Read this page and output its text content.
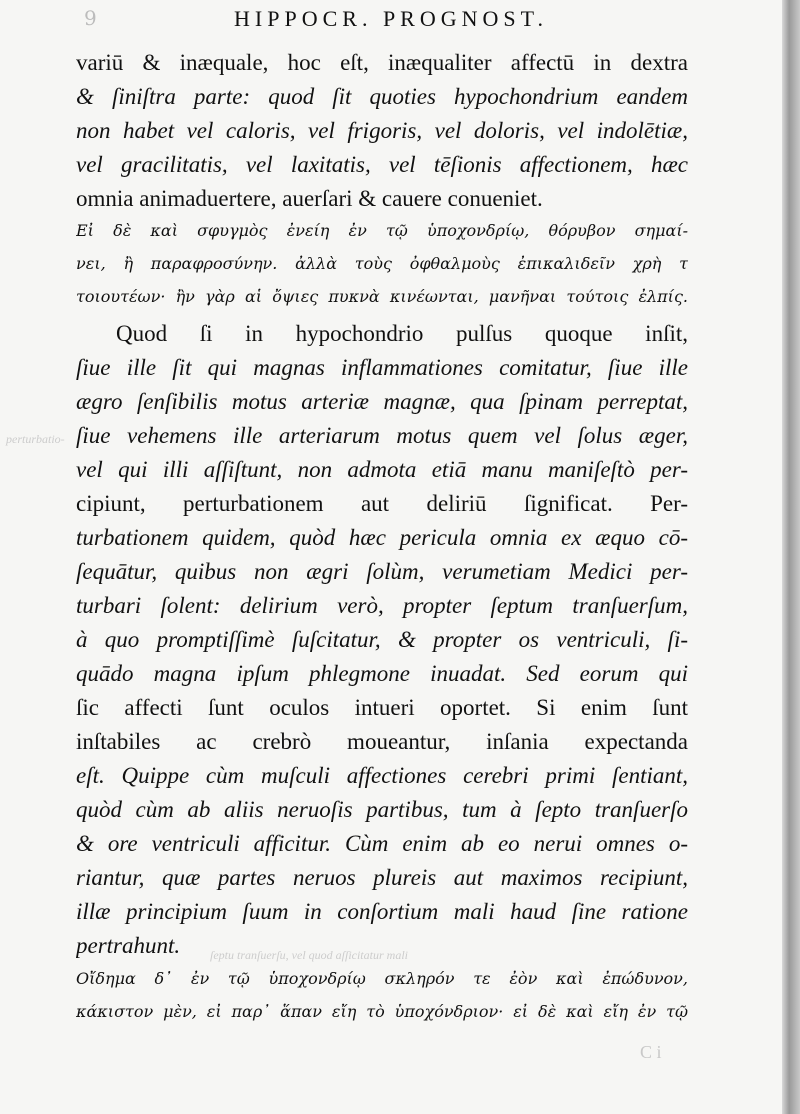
9	HIPPOCR. PROGNOST.
variū & inæquale, hoc eſt, inæqualiter affectū in dextra
& ſiniſtra parte: quod ſit quoties hypochondrium eandem
non habet vel caloris, vel frigoris, vel doloris, vel indolētiæ,
vel gracilitatis, vel laxitatis, vel tēſionis affectionem, hæc
omnia animaduertere, auerſari & cauere conueniet.
Εἰ δὲ καὶ σφυγμὸς ἐνείη ἐν τῷ ὑποχονδρίῳ, θόρυβον σημαί-
νει, ἢ παραφροσύνην. ἀλλὰ τοὺς ὀφθαλμοὺς ἐπικαλιδεῖν χρὴ τ
τοιουτέων· ἢν γὰρ αἱ ὄψιες πυκνὰ κινέωνται, μανῆναι τούτοις ἐλπίς.
Quod ſi in hypochondrio pulſus quoque inſit,
ſiue ille ſit qui magnas inflammationes comitatur, ſiue ille
ægro ſenſibilis motus arteriæ magnæ, qua ſpinam perreptat,
ſiue vehemens ille arteriarum motus quem vel ſolus æger,
vel qui illi aſſiſtunt, non admota etiā manu maniſeſtò per-
cipiunt, perturbationem aut deliriū ſignificat. Per-
turbationem quidem, quòd hæc pericula omnia ex æquo cō-
ſequātur, quibus non ægri ſolùm, verumetiam Medici per-
turbari ſolent: delirium verò, propter ſeptum tranſuerſum,
à quo promptiſſimè ſuſcitatur, & propter os ventriculi, ſi-
quādo magna ipſum phlegmone inuadat. Sed eorum qui
ſic affecti ſunt oculos intueri oportet. Si enim ſunt
inſtabiles ac crebrò moueantur, inſania expectanda
eſt. Quippe cùm muſculi affectiones cerebri primi ſentiant,
quòd cùm ab aliis neruoſis partibus, tum à ſepto tranſuerſo
& ore ventriculi afficitur. Cùm enim ab eo nerui omnes o-
riantur, quæ partes neruos plureis aut maximos recipiunt,
illæ principium ſuum in conſortium mali haud ſine ratione
pertrahunt.
Οἴδημα δ᾽ ἐν τῷ ὑποχονδρίῳ σκληρόν τε ἐὸν καὶ ἐπώδυνον,
κάκιστον μὲν, εἰ παρ᾽ ἅπαν εἴη τὸ ὑποχόνδριον· εἰ δὲ καὶ εἴη ἐν τῷ
perturbatio-
ſeptu tranſuerſu, vel quod aſſicitatur mali
C i
